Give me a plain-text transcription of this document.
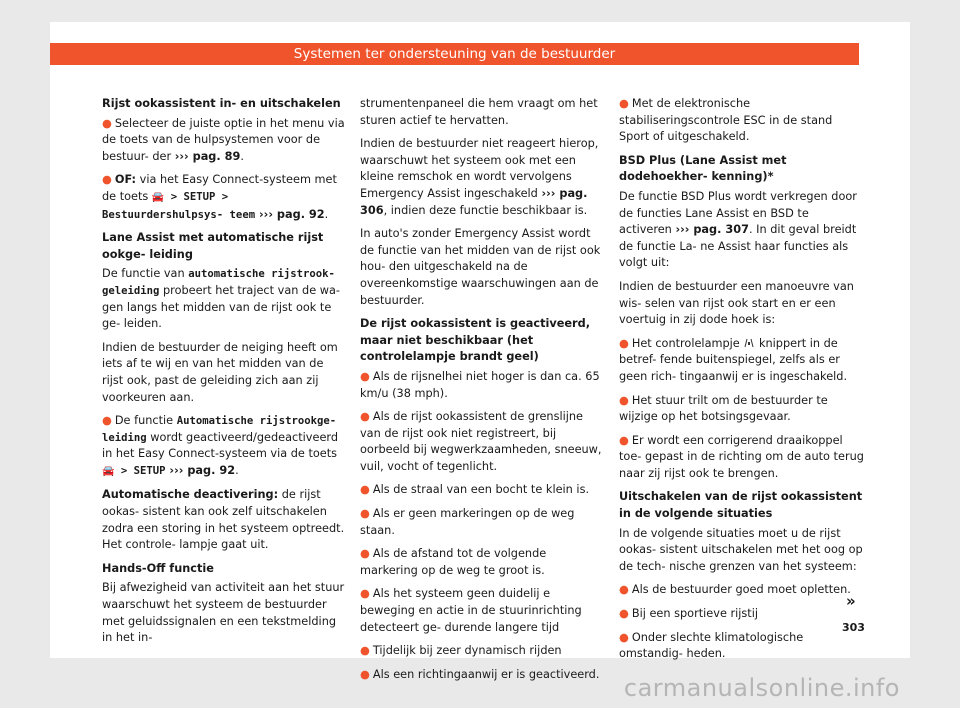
Systemen ter ondersteuning van de bestuurder

Rijst ookassistent in- en uitschakelen

● Selecteer de juiste optie in het menu via de toets van de hulpsystemen voor de bestuur- der ››› pag. 89.

● OF: via het Easy Connect-systeem met de toets 🚘 > SETUP > Bestuurdershulpsys- teem ››› pag. 92.

Lane Assist met automatische rijst ookge- leiding

De functie van automatische rijstrook- geleiding probeert het traject van de wa- gen langs het midden van de rijst ook te ge- leiden.

Indien de bestuurder de neiging heeft om iets af te wij en van het midden van de rijst ook, past de geleiding zich aan zij voorkeuren aan.

● De functie Automatische rijstrookge- leiding wordt geactiveerd/gedeactiveerd in het Easy Connect-systeem via de toets 🚘 > SETUP ››› pag. 92.

Automatische deactivering: de rijst ookas- sistent kan ook zelf uitschakelen zodra een storing in het systeem optreedt. Het controle- lampje gaat uit.

Hands-Off functie

Bij afwezigheid van activiteit aan het stuur waarschuwt het systeem de bestuurder met geluidssignalen en een tekstmelding in het in-

strumentenpaneel die hem vraagt om het sturen actief te hervatten.

Indien de bestuurder niet reageert hierop, waarschuwt het systeem ook met een kleine remschok en wordt vervolgens Emergency Assist ingeschakeld ››› pag. 306, indien deze functie beschikbaar is.

In auto's zonder Emergency Assist wordt de functie van het midden van de rijst ook hou- den uitgeschakeld na de overeenkomstige waarschuwingen aan de bestuurder.

De rijst ookassistent is geactiveerd, maar niet beschikbaar (het controlelampje brandt geel)

● Als de rijsnelhei niet hoger is dan ca. 65 km/u (38 mph).

● Als de rijst ookassistent de grenslijne van de rijst ook niet registreert, bij oorbeeld bij wegwerkzaamheden, sneeuw, vuil, vocht of tegenlicht.

● Als de straal van een bocht te klein is.

● Als er geen markeringen op de weg staan.

● Als de afstand tot de volgende markering op de weg te groot is.

● Als het systeem geen duidelij e beweging en actie in de stuurinrichting detecteert ge- durende langere tijd

● Tijdelijk bij zeer dynamisch rijden

● Als een richtingaanwij er is geactiveerd.

● Met de elektronische stabiliseringscontrole ESC in de stand Sport of uitgeschakeld.

BSD Plus (Lane Assist met dodehoekher- kenning)*

De functie BSD Plus wordt verkregen door de functies Lane Assist en BSD te activeren ››› pag. 307. In dit geval breidt de functie La- ne Assist haar functies als volgt uit:

Indien de bestuurder een manoeuvre van wis- selen van rijst ook start en er een voertuig in zij dode hoek is:

● Het controlelampje  knippert in de betref- fende buitenspiegel, zelfs als er geen rich- tingaanwij er is ingeschakeld.

● Het stuur trilt om de bestuurder te wijzige op het botsingsgevaar.

● Er wordt een corrigerend draaikoppel toe- gepast in de richting om de auto terug naar zij rijst ook te brengen.

Uitschakelen van de rijst ookassistent in de volgende situaties

In de volgende situaties moet u de rijst ookas- sistent uitschakelen met het oog op de tech- nische grenzen van het systeem:

● Als de bestuurder goed moet opletten.

● Bij een sportieve rijstij

● Onder slechte klimatologische omstandig- heden.

»
303
carmanualsonline.info
